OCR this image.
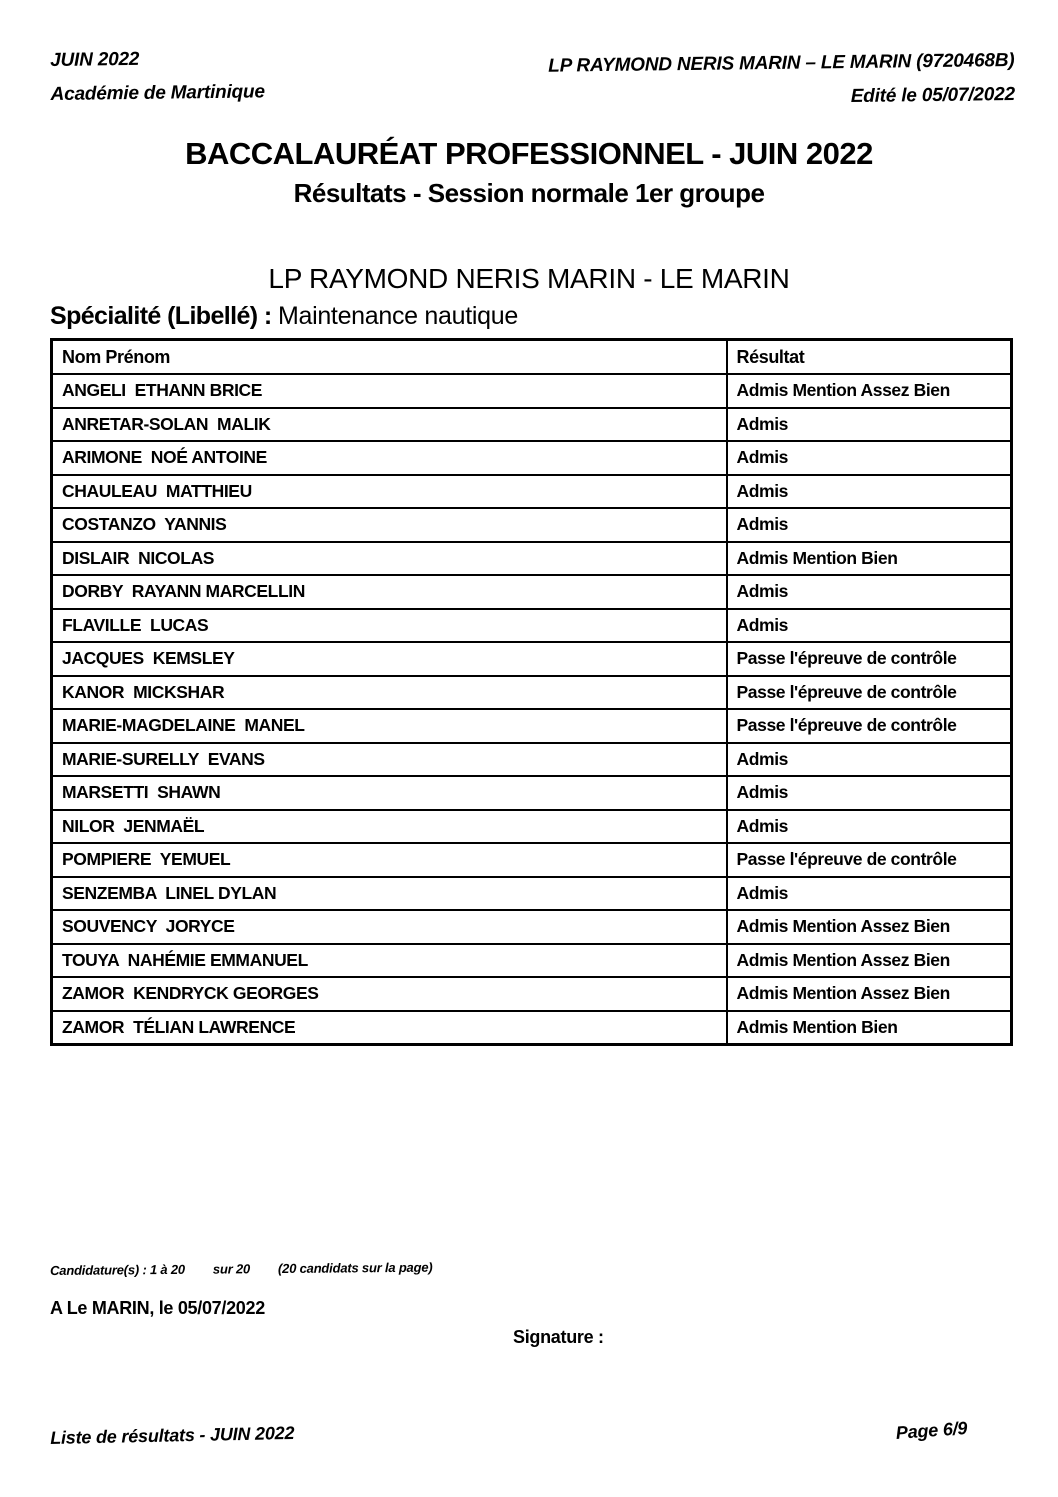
JUIN 2022
Académie de Martinique
LP RAYMOND NERIS MARIN – LE MARIN (9720468B)
Edité le 05/07/2022
BACCALAURÉAT PROFESSIONNEL - JUIN 2022
Résultats - Session normale 1er groupe
LP RAYMOND NERIS MARIN - LE MARIN
Spécialité (Libellé) : Maintenance nautique
Nom Prénom	Résultat
ANGELI  ETHANN BRICE	Admis Mention Assez Bien
ANRETAR-SOLAN  MALIK	Admis
ARIMONE  NOÉ ANTOINE	Admis
CHAULEAU  MATTHIEU	Admis
COSTANZO  YANNIS	Admis
DISLAIR  NICOLAS	Admis Mention Bien
DORBY  RAYANN MARCELLIN	Admis
FLAVILLE  LUCAS	Admis
JACQUES  KEMSLEY	Passe l'épreuve de contrôle
KANOR  MICKSHAR	Passe l'épreuve de contrôle
MARIE-MAGDELAINE  MANEL	Passe l'épreuve de contrôle
MARIE-SURELLY  EVANS	Admis
MARSETTI  SHAWN	Admis
NILOR  JENMAËL	Admis
POMPIERE  YEMUEL	Passe l'épreuve de contrôle
SENZEMBA  LINEL DYLAN	Admis
SOUVENCY  JORYCE	Admis Mention Assez Bien
TOUYA  NAHÉMIE EMMANUEL	Admis Mention Assez Bien
ZAMOR  KENDRYCK GEORGES	Admis Mention Assez Bien
ZAMOR  TÉLIAN LAWRENCE	Admis Mention Bien
Candidature(s) : 1 à 20 sur 20 (20 candidats sur la page)
A Le MARIN, le 05/07/2022
Signature :
Liste de résultats - JUIN 2022	Page 6/9
